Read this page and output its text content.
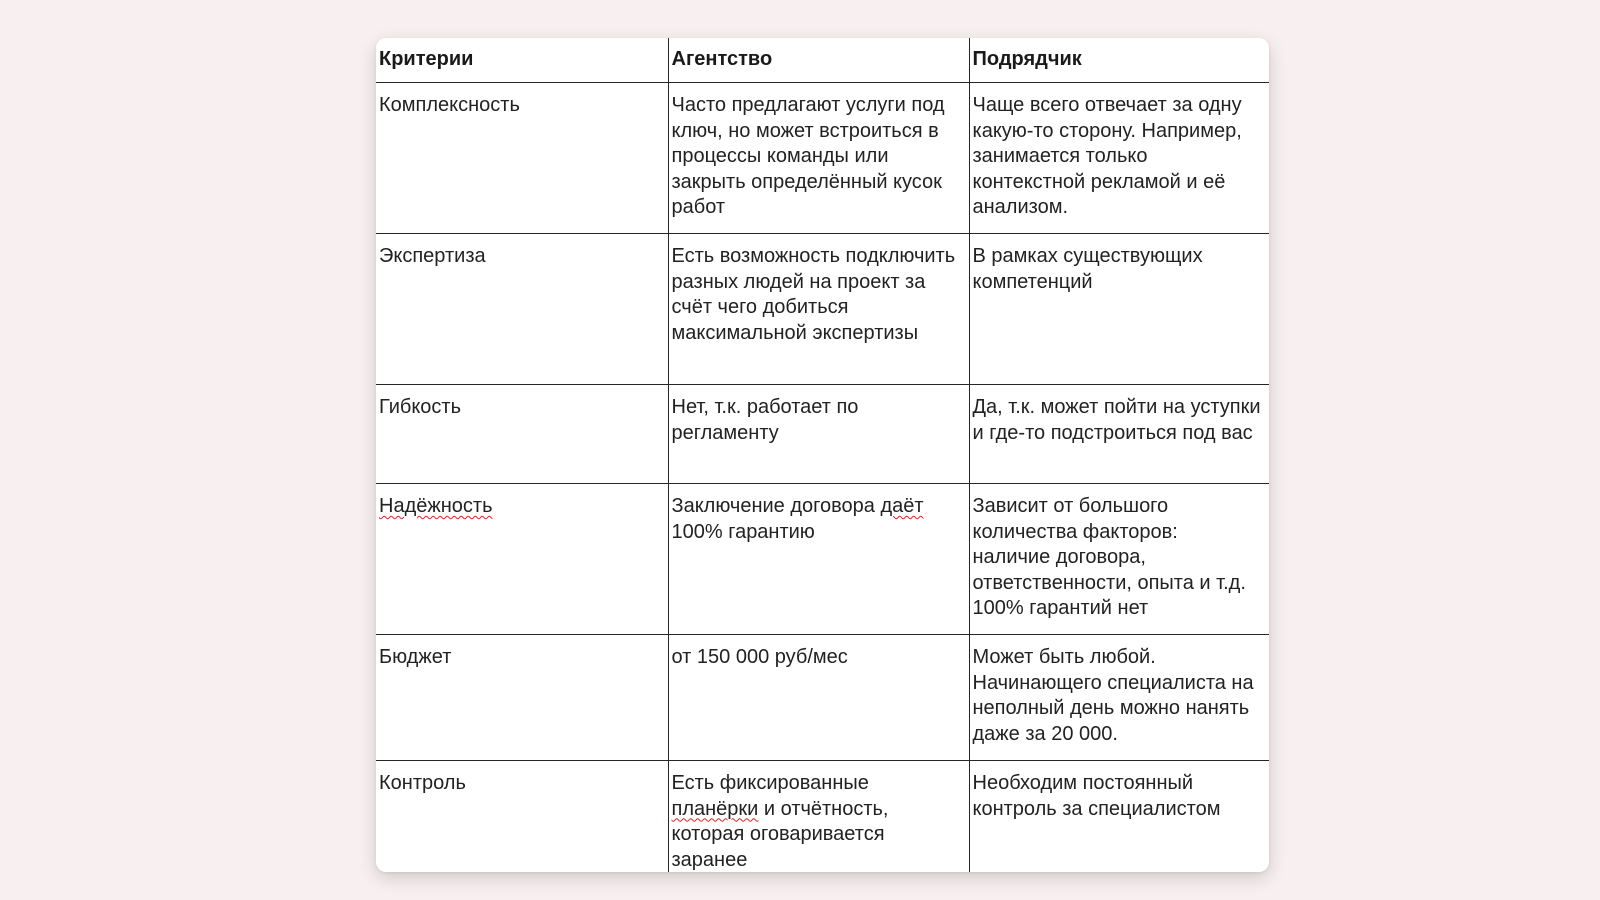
Критерии	Агентство	Подрядчик
Комплексность	Часто предлагают услуги под ключ, но может встроиться в процессы команды или закрыть определённый кусок работ	Чаще всего отвечает за одну какую-то сторону. Например, занимается только контекстной рекламой и её анализом.
Экспертиза	Есть возможность подключить разных людей на проект за счёт чего добиться максимальной экспертизы	В рамках существующих компетенций
Гибкость	Нет, т.к. работает по регламенту	Да, т.к. может пойти на уступки и где-то подстроиться под вас
Надёжность	Заключение договора даёт 100% гарантию	Зависит от большого количества факторов: наличие договора, ответственности, опыта и т.д. 100% гарантий нет
Бюджет	от 150 000 руб/мес	Может быть любой. Начинающего специалиста на неполный день можно нанять даже за 20 000.
Контроль	Есть фиксированные планёрки и отчётность, которая оговаривается заранее	Необходим постоянный контроль за специалистом
